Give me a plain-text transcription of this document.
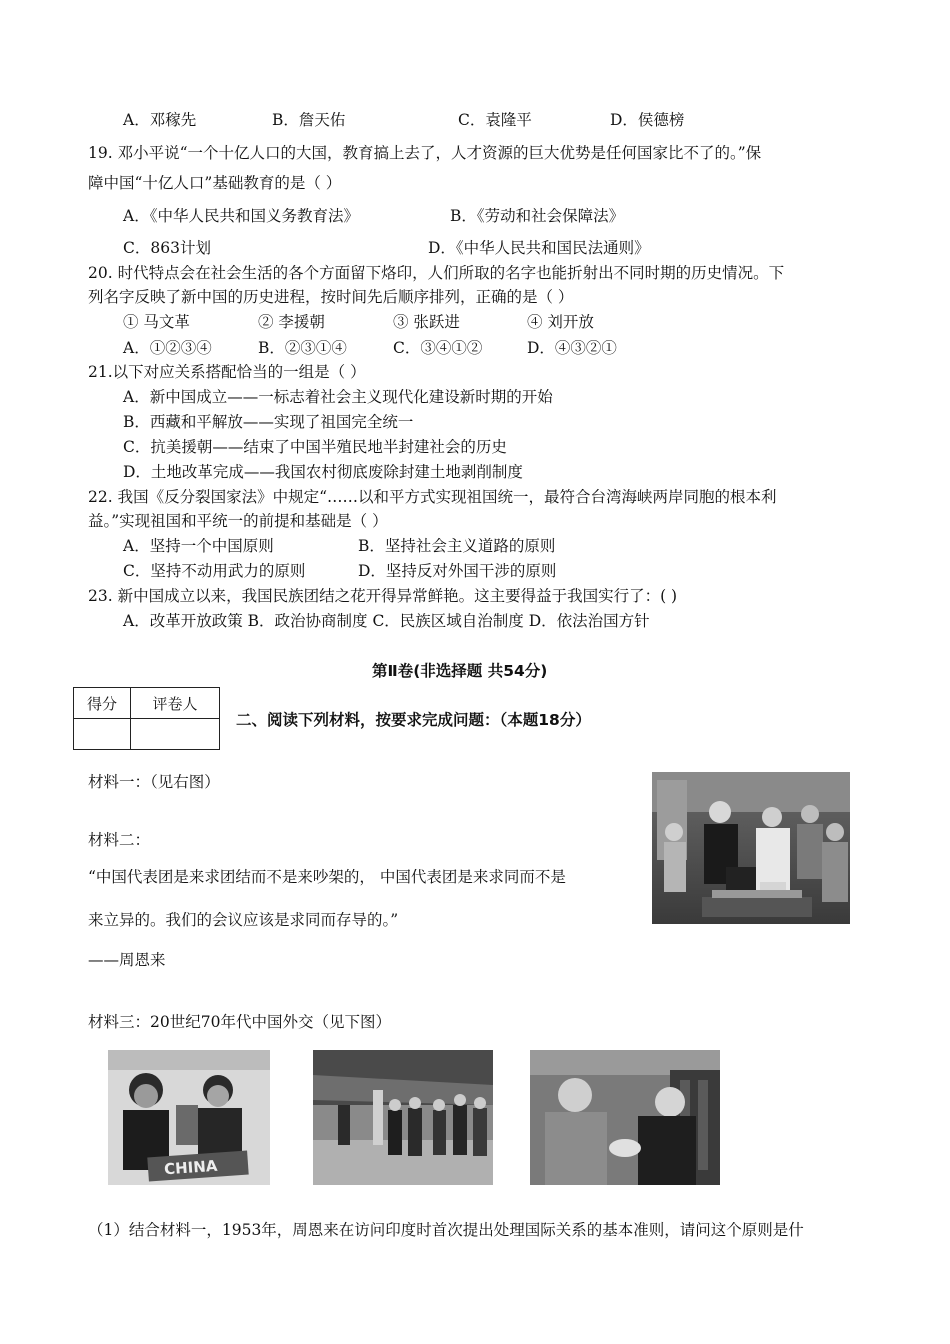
A．邓稼先	B．詹天佑	C．袁隆平	D．侯德榜
19. 邓小平说“一个十亿人口的大国，教育搞上去了，人才资源的巨大优势是任何国家比不了的。”保
障中国“十亿人口”基础教育的是（ ）
A．《中华人民共和国义务教育法》	B．《劳动和社会保障法》
C．863计划	D．《中华人民共和国民法通则》
20. 时代特点会在社会生活的各个方面留下烙印，人们所取的名字也能折射出不同时期的历史情况。下
列名字反映了新中国的历史进程，按时间先后顺序排列，正确的是（ ）
① 马文革	② 李援朝	③ 张跃进	④ 刘开放
A．①②③④	B．②③①④	C．③④①②	D．④③②①
21.以下对应关系搭配恰当的一组是（ ）
A．新中国成立——一标志着社会主义现代化建设新时期的开始
B．西藏和平解放——实现了祖国完全统一
C．抗美援朝——结束了中国半殖民地半封建社会的历史
D．土地改革完成——我国农村彻底废除封建土地剥削制度
22. 我国《反分裂国家法》中规定“……以和平方式实现祖国统一，最符合台湾海峡两岸同胞的根本利
益。”实现祖国和平统一的前提和基础是（ ）
A．坚持一个中国原则	B．坚持社会主义道路的原则
C．坚持不动用武力的原则	D．坚持反对外国干涉的原则
23. 新中国成立以来，我国民族团结之花开得异常鲜艳。这主要得益于我国实行了：( )
A．改革开放政策 B．政治协商制度 C．民族区域自治制度 D．依法治国方针
第Ⅱ卷(非选择题 共54分)
得分	评卷人

二、阅读下列材料，按要求完成问题：（本题18分）
材料一：（见右图）
材料二：
“中国代表团是来求团结而不是来吵架的， 中国代表团是来求同而不是
来立异的。我们的会议应该是求同而存导的。”
——周恩来
材料三：20世纪70年代中国外交（见下图）
CHINA
（1）结合材料一，1953年，周恩来在访问印度时首次提出处理国际关系的基本准则，请问这个原则是什
